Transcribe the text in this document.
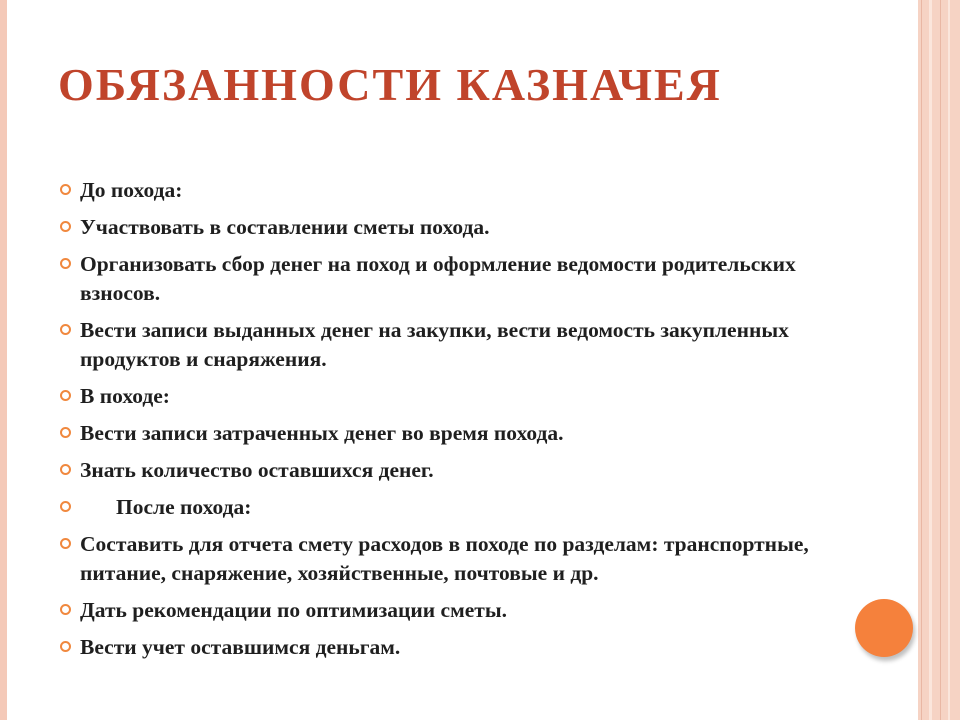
ОБЯЗАННОСТИ КАЗНАЧЕЯ
До похода:
Участвовать в составлении сметы похода.
Организовать сбор денег на поход и оформление ведомости родительских взносов.
Вести записи выданных денег на закупки, вести ведомость закупленных продуктов и снаряжения.
В походе:
Вести записи затраченных денег во время похода.
Знать количество оставшихся денег.
После похода:
Составить для отчета смету расходов в походе по разделам: транспортные, питание, снаряжение, хозяйственные, почтовые и др.
Дать рекомендации по оптимизации сметы.
Вести учет оставшимся деньгам.
